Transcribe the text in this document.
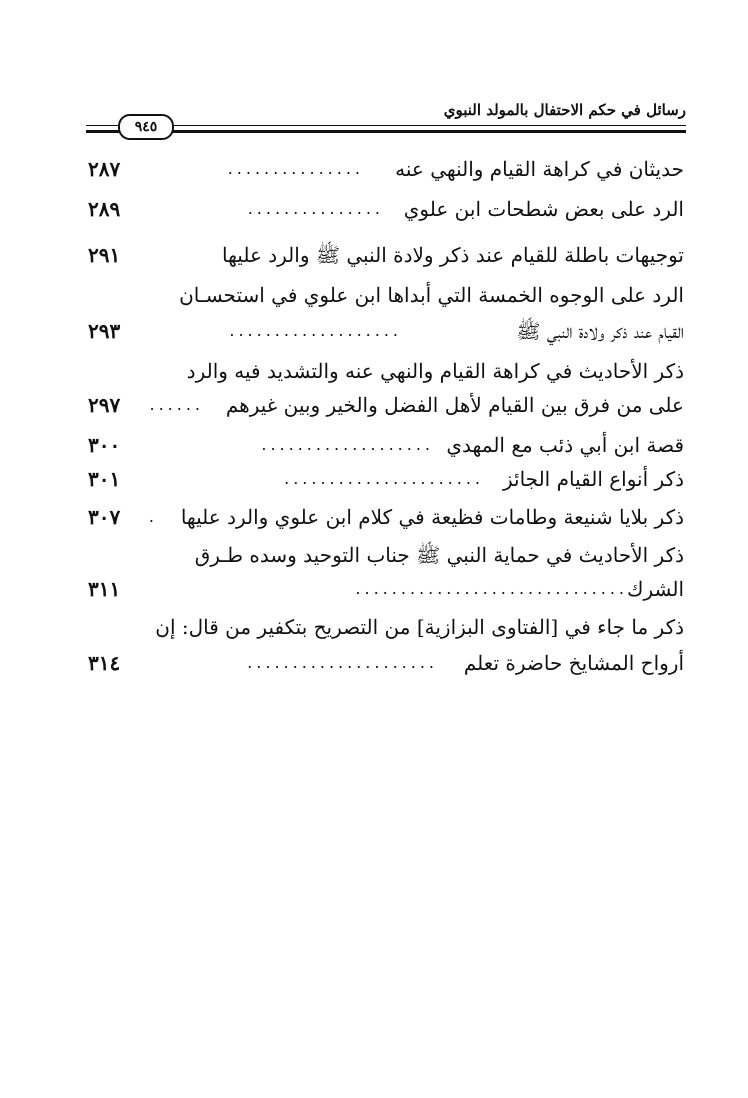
رسائل في حكم الاحتفال بالمولد النبوي
٩٤٥
حديثان في كراهة القيام والنهي عنه
...............
٢٨٧
الرد على بعض شطحات ابن علوي
...............
٢٨٩
توجيهات باطلة للقيام عند ذكر ولادة النبي ﷺ والرد عليها
٢٩١
الرد على الوجوه الخمسة التي أبداها ابن علوي في استحسـان
القيام عند ذكر ولادة النبي ﷺ
...................
٢٩٣
ذكر الأحاديث في كراهة القيام والنهي عنه والتشديد فيه والرد
على من فرق بين القيام لأهل الفضل والخير وبين غيرهم
......
٢٩٧
قصة ابن أبي ذئب مع المهدي
...................
٣٠٠
ذكر أنواع القيام الجائز
......................
٣٠١
ذكر بلايا شنيعة وطامات فظيعة في كلام ابن علوي والرد عليها
.
٣٠٧
ذكر الأحاديث في حماية النبي ﷺ جناب التوحيد وسده طـرق
الشرك
..............................
٣١١
ذكر ما جاء في [الفتاوى البزازية] من التصريح بتكفير من قال: إن
أرواح المشايخ حاضرة تعلم
.....................
٣١٤
